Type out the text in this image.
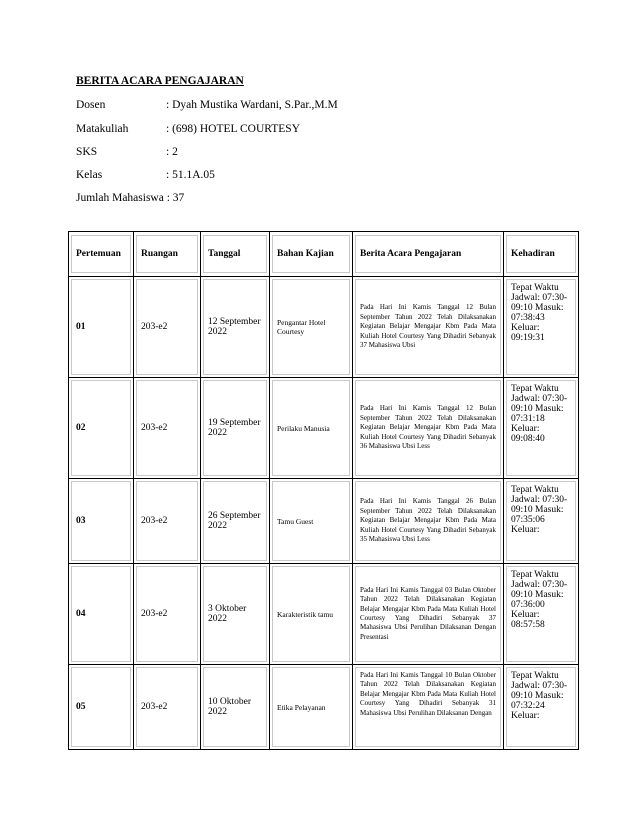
BERITA ACARA PENGAJARAN
Dosen	: Dyah Mustika Wardani, S.Par.,M.M
Matakuliah	: (698) HOTEL COURTESY
SKS	: 2
Kelas	: 51.1A.05
Jumlah Mahasiswa : 37
Pertemuan	Ruangan	Tanggal	Bahan Kajian	Berita Acara Pengajaran	Kehadiran

01	203-e2	12 September 2022	Pengantar Hotel Courtesy	Pada Hari Ini Kamis Tanggal 12 Bulan September Tahun 2022 Telah Dilaksanakan Kegiatan Belajar Mengajar Kbm Pada Mata Kuliah Hotel Courtesy Yang Dihadiri Sebanyak 37 Mahasiswa Ubsi	Tepat Waktu Jadwal: 07:30-09:10 Masuk: 07:38:43 Keluar: 09:19:31

02	203-e2	19 September 2022	Perilaku Manusia	Pada Hari Ini Kamis Tanggal 12 Bulan September Tahun 2022 Telah Dilaksanakan Kegiatan Belajar Mengajar Kbm Pada Mata Kuliah Hotel Courtesy Yang Dihadiri Sebanyak 36 Mahasiswa Ubsi Less	Tepat Waktu Jadwal: 07:30-09:10 Masuk: 07:31:18 Keluar: 09:08:40

03	203-e2	26 September 2022	Tamu Guest	Pada Hari Ini Kamis Tanggal 26 Bulan September Tahun 2022 Telah Dilaksanakan Kegiatan Belajar Mengajar Kbm Pada Mata Kuliah Hotel Courtesy Yang Dihadiri Sebanyak 35 Mahasiswa Ubsi Less	Tepat Waktu Jadwal: 07:30-09:10 Masuk: 07:35:06 Keluar:

04	203-e2	3 Oktober 2022	Karakteristik tamu	Pada Hari Ini Kamis Tanggal 03 Bulan Oktober Tahun 2022 Telah Dilaksanakan Kegiatan Belajar Mengajar Kbm Pada Mata Kuliah Hotel Courtesy Yang Dihadiri Sebanyak 37 Mahasiswa Ubsi Perulihan Dilaksanan Dengan Presentasi	Tepat Waktu Jadwal: 07:30-09:10 Masuk: 07:36:00 Keluar: 08:57:58

05	203-e2	10 Oktober 2022	Etika Pelayanan	Pada Hari Ini Kamis Tanggal 10 Bulan Oktober Tahun 2022 Telah Dilaksanakan Kegiatan Belajar Mengajar Kbm Pada Mata Kuliah Hotel Courtesy Yang Dihadiri Sebanyak 31 Mahasiswa Ubsi Perulihan Dilaksanan Dengan	Tepat Waktu Jadwal: 07:30-09:10 Masuk: 07:32:24 Keluar:
